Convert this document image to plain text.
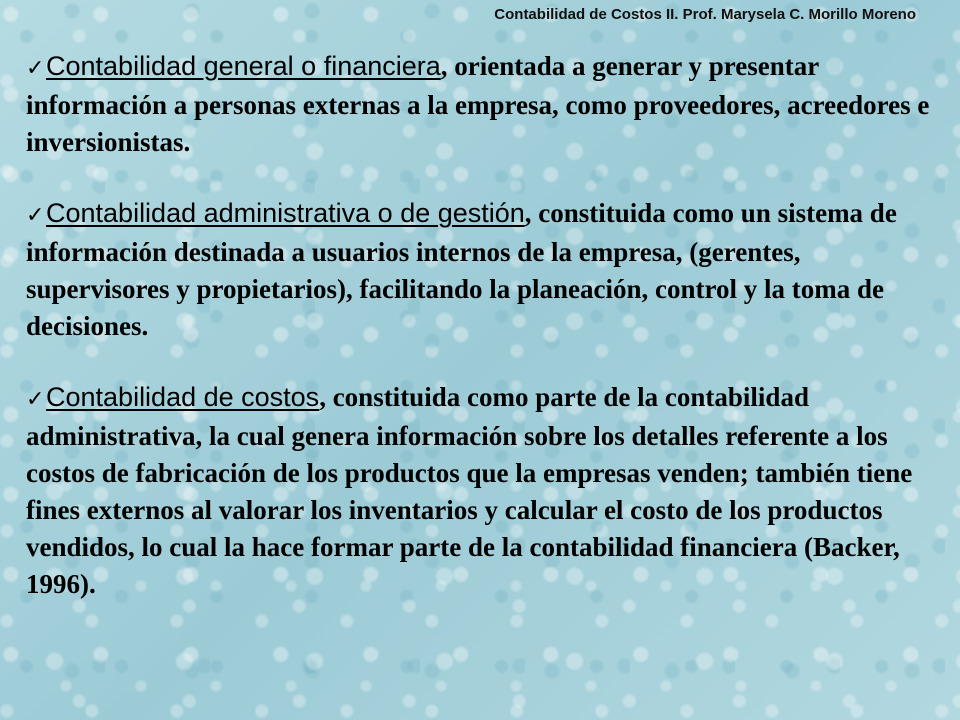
Contabilidad de Costos II. Prof. Marysela C. Morillo Moreno

✓Contabilidad general o financiera, orientada a generar y presentar información a personas externas a la empresa, como proveedores, acreedores e inversionistas.

✓Contabilidad administrativa o de gestión, constituida como un sistema de información destinada a usuarios internos de la empresa, (gerentes, supervisores y propietarios), facilitando la planeación, control y la toma de decisiones.

✓Contabilidad de costos, constituida como parte de la contabilidad administrativa, la cual genera información sobre los detalles referente a los costos de fabricación de los productos que la empresas venden; también tiene fines externos al valorar los inventarios y calcular el costo de los productos vendidos, lo cual la hace formar parte de la contabilidad financiera (Backer, 1996).
